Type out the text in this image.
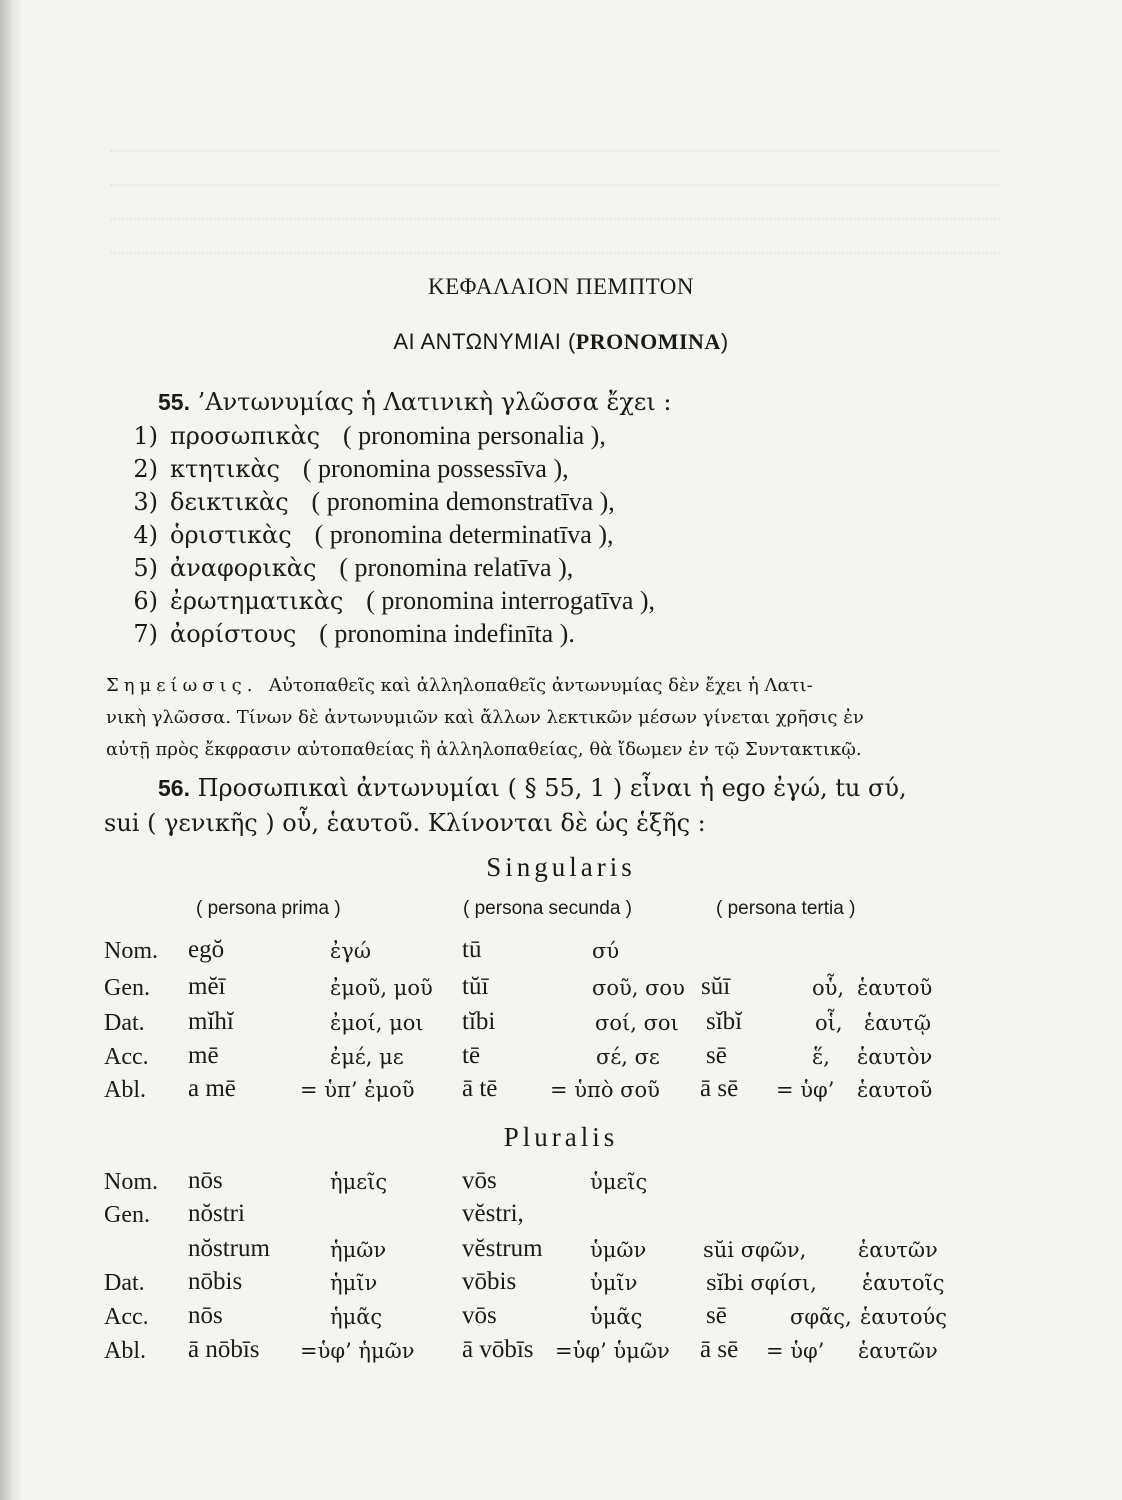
ΚΕΦΑΛΑΙΟΝ ΠΕΜΠΤΟΝ
ΑΙ ΑΝΤΩΝΥΜΙΑΙ (PRONOMINA)
55. ’Αντωνυμίας ἡ Λατινικὴ γλῶσσα ἔχει :
1) προσωπικὰς ( pronomina personalia ),
2) κτητικὰς ( pronomina possessīva ),
3) δεικτικὰς ( pronomina demonstratīva ),
4) ὁριστικὰς ( pronomina determinatīva ),
5) ἀναφορικὰς ( pronomina relatīva ),
6) ἐρωτηματικὰς ( pronomina interrogatīva ),
7) ἀορίστους ( pronomina indefinīta ).
Σημείωσις. Αὐτοπαθεῖς καὶ ἀλληλοπαθεῖς ἀντωνυμίας δὲν ἔχει ἡ Λατι-
νικὴ γλῶσσα. Τίνων δὲ ἀντωνυμιῶν καὶ ἄλλων λεκτικῶν μέσων γίνεται χρῆσις ἐν
αὐτῇ πρὸς ἔκφρασιν αὐτοπαθείας ἢ ἀλληλοπαθείας, θὰ ἴδωμεν ἐν τῷ Συντακτικῷ.
56. Προσωπικαὶ ἀντωνυμίαι ( § 55, 1 ) εἶναι ἡ ego ἐγώ, tu σύ,
sui ( γενικῆς ) οὗ, ἑαυτοῦ. Κλίνονται δὲ ὡς ἑξῆς :
Singularis
( persona prima )	( persona secunda )	( persona tertia )
Nom. egŏ	ἐγώ	tū	σύ
Gen. mĕī	ἐμοῦ, μοῦ tŭī	σοῦ, σου sŭī	οὗ, ἑαυτοῦ
Dat. mĭhĭ	ἐμοί, μοι tĭbi	σοί, σοι sĭbĭ	οἷ, ἑαυτῷ
Acc. mē	ἐμέ, με tē	σέ, σε sē	ἕ, ἑαυτὸν
Abl. a mē	= ὑπ’ ἐμοῦ ā tē	= ὑπὸ σοῦ ā sē = ὑφ’ ἑαυτοῦ
Pluralis
Nom. nōs	ἡμεῖς	vōs	ὑμεῖς
Gen. nŏstri	vĕstri,
nŏstrum	ἡμῶν	vĕstrum ὑμῶν	sŭi σφῶν, ἑαυτῶν
Dat. nōbis	ἡμῖν	vōbis	ὑμῖν	sĭbi σφίσι, ἑαυτοῖς
Acc. nōs	ἡμᾶς	vōs	ὑμᾶς	sē	σφᾶς, ἑαυτούς
Abl. ā nōbīs =ὑφ’ ἡμῶν ā vōbīs =ὑφ’ ὑμῶν ā sē = ὑφ’ ἑαυτῶν
